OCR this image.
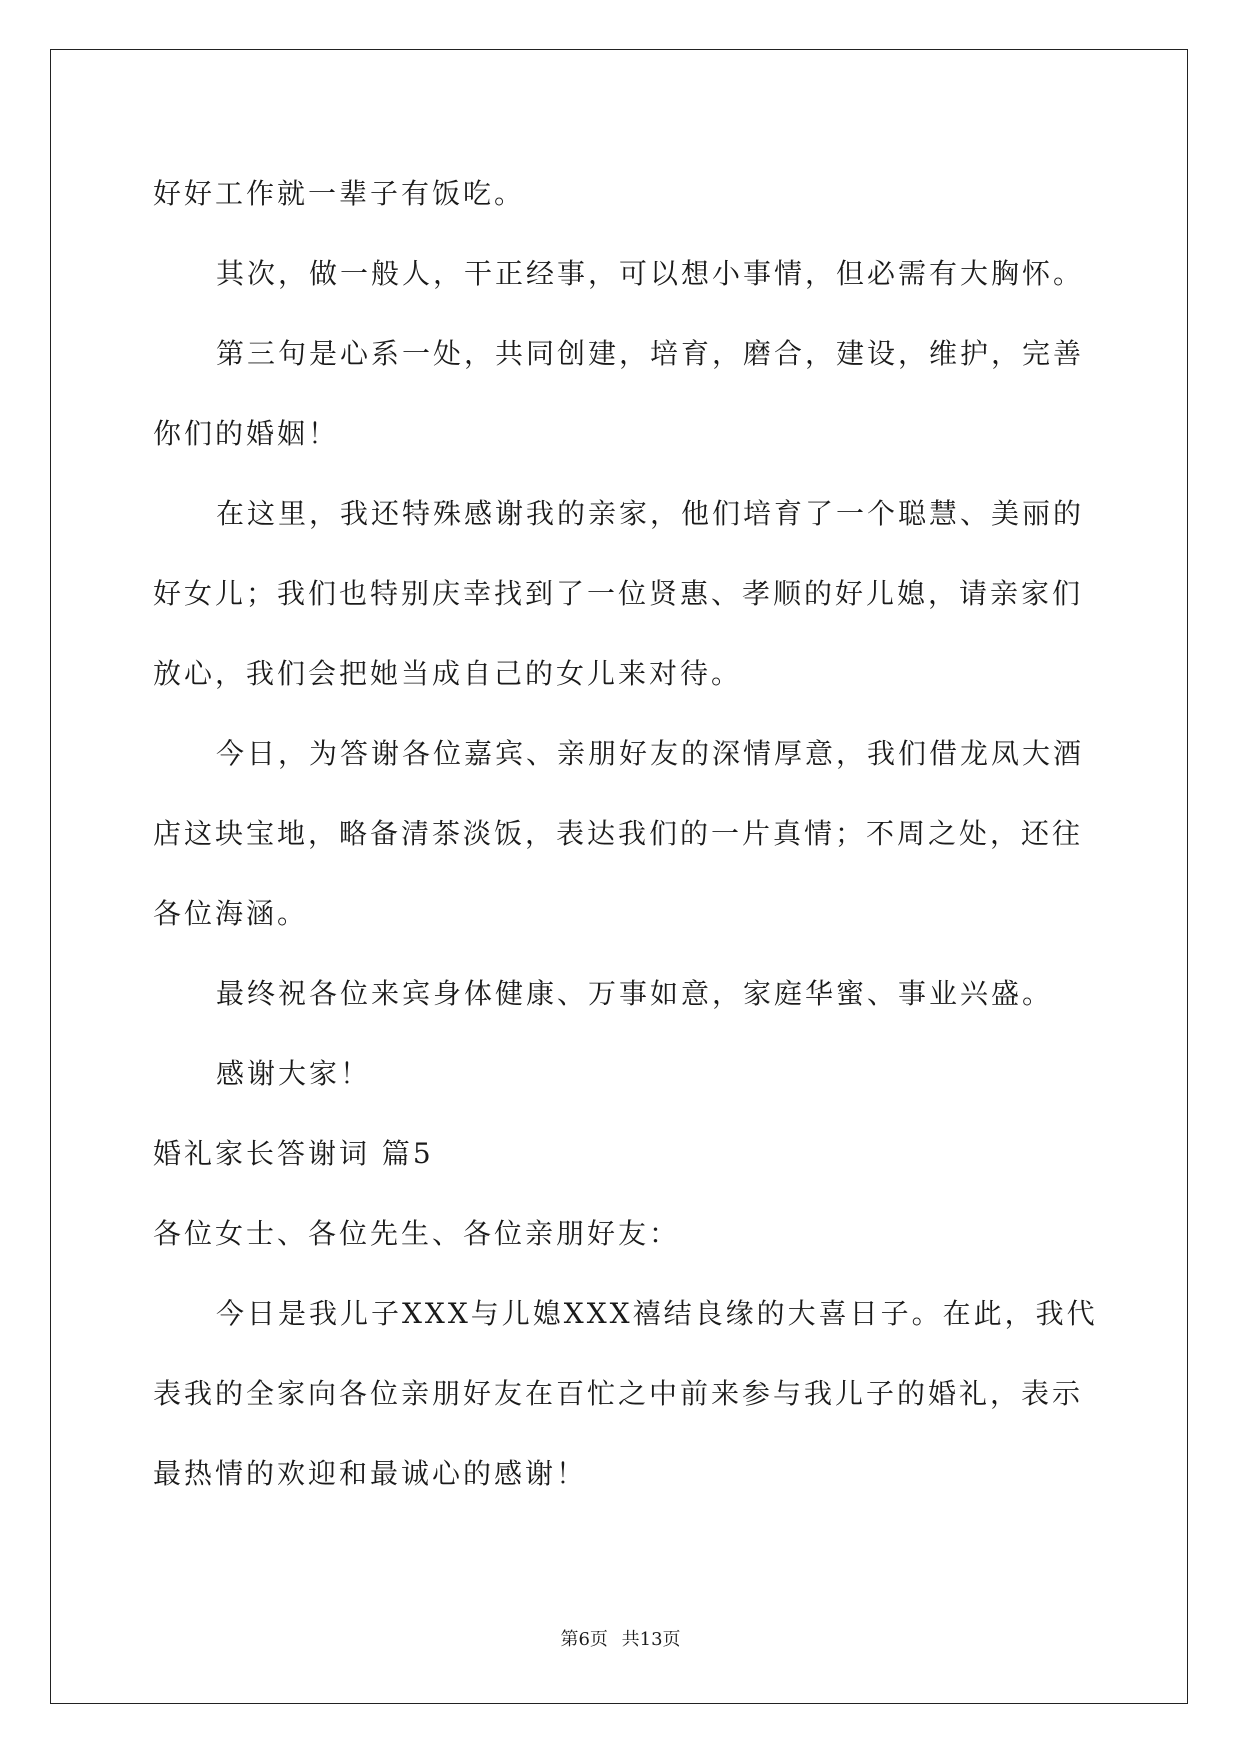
好好工作就一辈子有饭吃。
其次，做一般人，干正经事，可以想小事情，但必需有大胸怀。
第三句是心系一处，共同创建，培育，磨合，建设，维护，完善
你们的婚姻！
在这里，我还特殊感谢我的亲家，他们培育了一个聪慧、美丽的
好女儿；我们也特别庆幸找到了一位贤惠、孝顺的好儿媳，请亲家们
放心，我们会把她当成自己的女儿来对待。
今日，为答谢各位嘉宾、亲朋好友的深情厚意，我们借龙凤大酒
店这块宝地，略备清茶淡饭，表达我们的一片真情；不周之处，还往
各位海涵。
最终祝各位来宾身体健康、万事如意，家庭华蜜、事业兴盛。
感谢大家！
婚礼家长答谢词 篇5
各位女士、各位先生、各位亲朋好友：
今日是我儿子XXX与儿媳XXX禧结良缘的大喜日子。在此，我代
表我的全家向各位亲朋好友在百忙之中前来参与我儿子的婚礼，表示
最热情的欢迎和最诚心的感谢！
第6页 共13页
